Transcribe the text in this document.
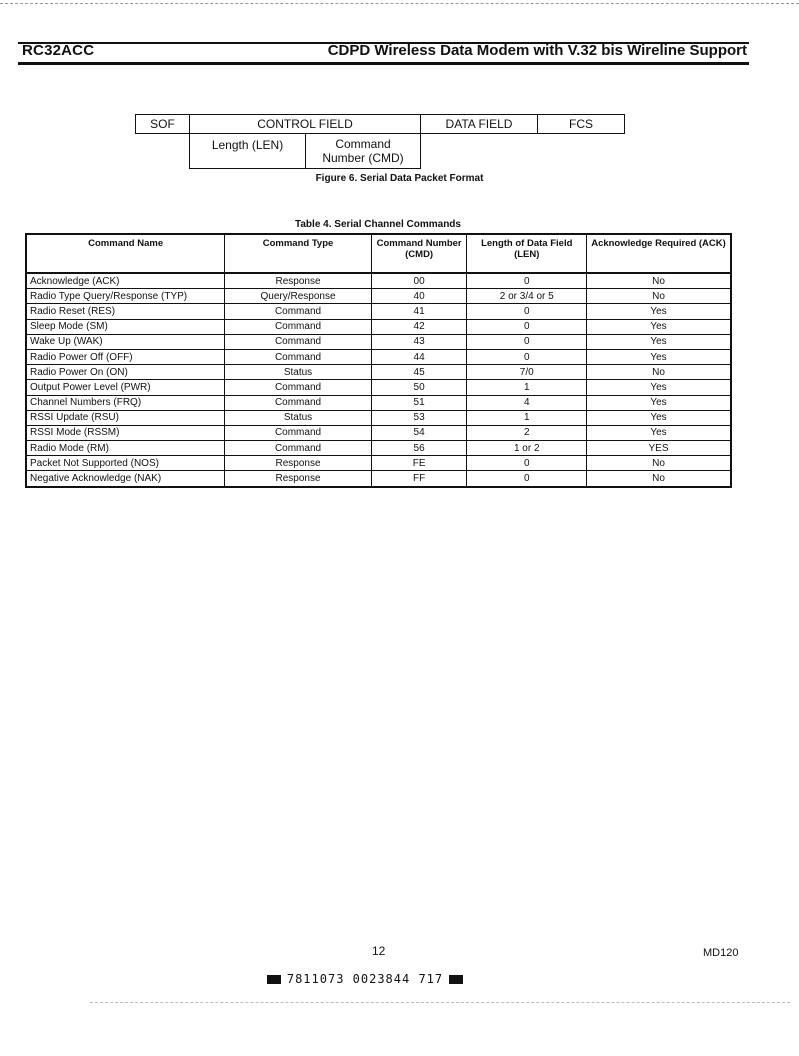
RC32ACC	CDPD Wireless Data Modem with V.32 bis Wireline Support
SOF	CONTROL FIELD	DATA FIELD	FCS
Length (LEN)	Command
Number (CMD)
Figure 6. Serial Data Packet Format
Table 4. Serial Channel Commands
Command Name	Command Type	Command Number (CMD)	Length of Data Field (LEN)	Acknowledge Required (ACK)
Acknowledge (ACK)	Response	00	0	No
Radio Type Query/Response (TYP)	Query/Response	40	2 or 3/4 or 5	No
Radio Reset (RES)	Command	41	0	Yes
Sleep Mode (SM)	Command	42	0	Yes
Wake Up (WAK)	Command	43	0	Yes
Radio Power Off (OFF)	Command	44	0	Yes
Radio Power On (ON)	Status	45	7/0	No
Output Power Level (PWR)	Command	50	1	Yes
Channel Numbers (FRQ)	Command	51	4	Yes
RSSI Update (RSU)	Status	53	1	Yes
RSSI Mode (RSSM)	Command	54	2	Yes
Radio Mode (RM)	Command	56	1 or 2	YES
Packet Not Supported (NOS)	Response	FE	0	No
Negative Acknowledge (NAK)	Response	FF	0	No
12	MD120
7811073 0023844 717
